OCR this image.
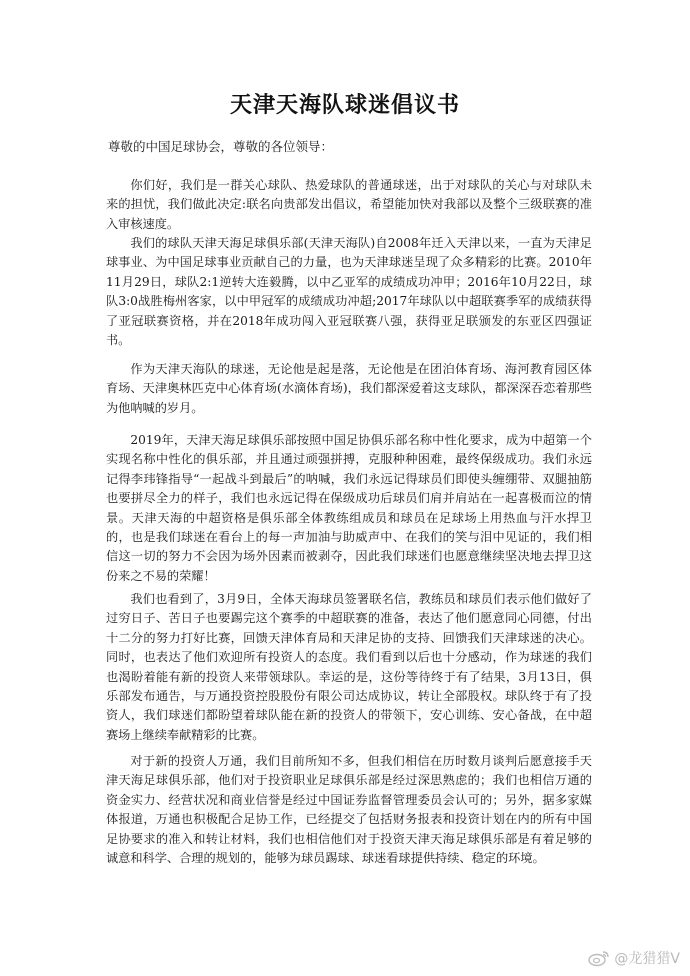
天津天海队球迷倡议书
尊敬的中国足球协会，尊敬的各位领导：

你们好，我们是一群关心球队、热爱球队的普通球迷，出于对球队的关心与对球队未来的担忧，我们做此决定:联名向贵部发出倡议，希望能加快对我部以及整个三级联赛的准入审核速度。

我们的球队天津天海足球俱乐部(天津天海队)自2008年迁入天津以来，一直为天津足球事业、为中国足球事业贡献自己的力量，也为天津球迷呈现了众多精彩的比赛。2010年11月29日，球队2:1逆转大连毅腾，以中乙亚军的成绩成功冲甲；2016年10月22日，球队3:0战胜梅州客家，以中甲冠军的成绩成功冲超;2017年球队以中超联赛季军的成绩获得了亚冠联赛资格，并在2018年成功闯入亚冠联赛八强，获得亚足联颁发的东亚区四强证书。

作为天津天海队的球迷，无论他是起是落，无论他是在团泊体育场、海河教育园区体育场、天津奥林匹克中心体育场(水滴体育场)，我们都深爱着这支球队，都深深吞恋着那些为他呐喊的岁月。

2019年，天津天海足球俱乐部按照中国足协俱乐部名称中性化要求，成为中超第一个实现名称中性化的俱乐部，并且通过顽强拼搏，克服种种困难，最终保级成功。我们永远记得李玮锋指导“一起战斗到最后”的呐喊，我们永远记得球员们即使头缠绷带、双腿抽筋也要拼尽全力的样子，我们也永远记得在保级成功后球员们肩并肩站在一起喜极而泣的情景。天津天海的中超资格是俱乐部全体教练组成员和球员在足球场上用热血与汗水捍卫的，也是我们球迷在看台上的每一声加油与助威声中、在我们的笑与泪中见证的，我们相信这一切的努力不会因为场外因素而被剥夺，因此我们球迷们也愿意继续坚决地去捍卫这份来之不易的荣耀！

我们也看到了，3月9日，全体天海球员签署联名信，教练员和球员们表示他们做好了过穷日子、苦日子也要踢完这个赛季的中超联赛的准备，表达了他们愿意同心同德，付出十二分的努力打好比赛，回馈天津体育局和天津足协的支持、回馈我们天津球迷的决心。同时，也表达了他们欢迎所有投资人的态度。我们看到以后也十分感动，作为球迷的我们也渴盼着能有新的投资人来带领球队。幸运的是，这份等待终于有了结果，3月13日，俱乐部发布通告，与万通投资控股股份有限公司达成协议，转让全部股权。球队终于有了投资人，我们球迷们都盼望着球队能在新的投资人的带领下，安心训练、安心备战，在中超赛场上继续奉献精彩的比赛。

对于新的投资人万通，我们目前所知不多，但我们相信在历时数月谈判后愿意接手天津天海足球俱乐部，他们对于投资职业足球俱乐部是经过深思熟虑的；我们也相信万通的资金实力、经营状况和商业信誉是经过中国证券监督管理委员会认可的；另外，据多家媒体报道，万通也积极配合足协工作，已经提交了包括财务报表和投资计划在内的所有中国足协要求的准入和转让材料，我们也相信他们对于投资天津天海足球俱乐部是有着足够的诚意和科学、合理的规划的，能够为球员踢球、球迷看球提供持续、稳定的环境。

@龙猎猎V
